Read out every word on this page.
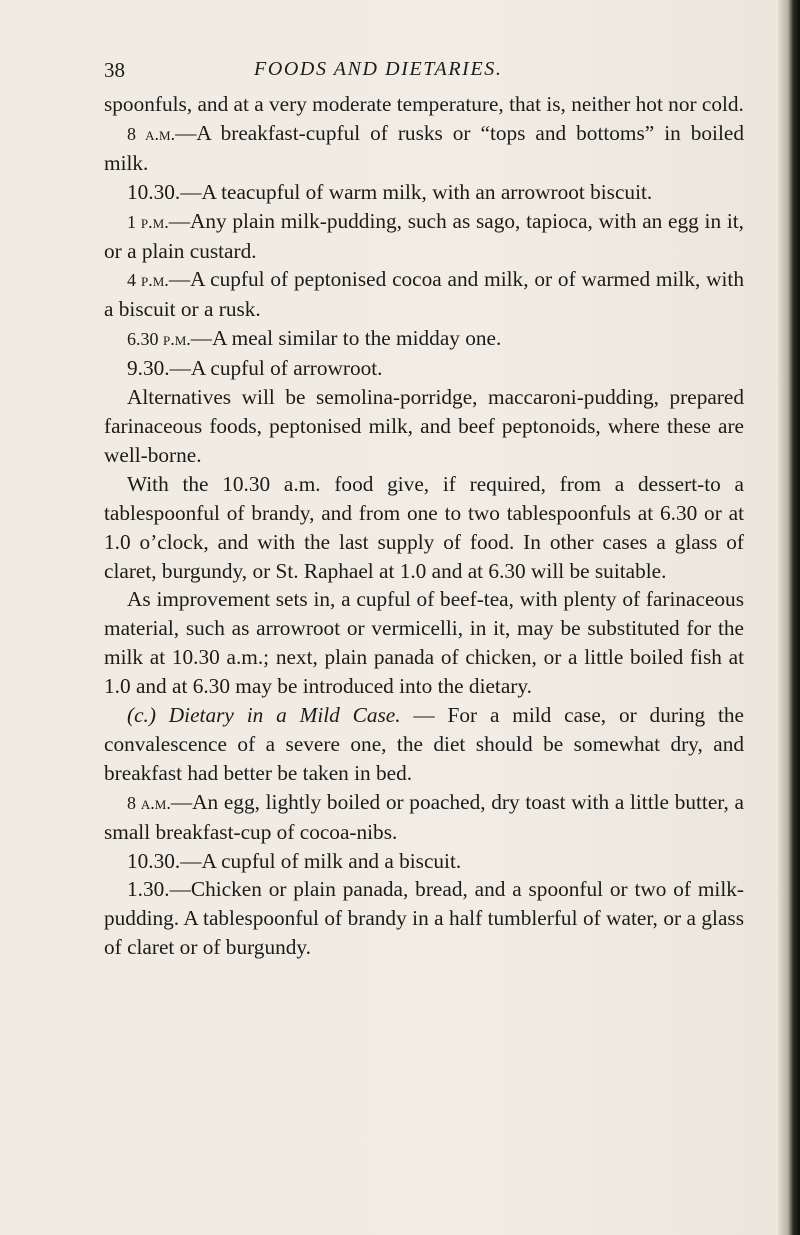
38	FOODS AND DIETARIES.

spoonfuls, and at a very moderate temperature, that is, neither hot nor cold.

8 a.m.—A breakfast-cupful of rusks or “tops and bottoms” in boiled milk.

10.30.—A teacupful of warm milk, with an arrowroot biscuit.

1 p.m.—Any plain milk-pudding, such as sago, tapioca, with an egg in it, or a plain custard.

4 p.m.—A cupful of peptonised cocoa and milk, or of warmed milk, with a biscuit or a rusk.

6.30 p.m.—A meal similar to the midday one.

9.30.—A cupful of arrowroot.

Alternatives will be semolina-porridge, maccaroni-pudding, prepared farinaceous foods, peptonised milk, and beef peptonoids, where these are well-borne.

With the 10.30 a.m. food give, if required, from a dessert-to a tablespoonful of brandy, and from one to two tablespoonfuls at 6.30 or at 1.0 o’clock, and with the last supply of food. In other cases a glass of claret, burgundy, or St. Raphael at 1.0 and at 6.30 will be suitable.

As improvement sets in, a cupful of beef-tea, with plenty of farinaceous material, such as arrowroot or vermicelli, in it, may be substituted for the milk at 10.30 a.m.; next, plain panada of chicken, or a little boiled fish at 1.0 and at 6.30 may be introduced into the dietary.

(c.) Dietary in a Mild Case. — For a mild case, or during the convalescence of a severe one, the diet should be somewhat dry, and breakfast had better be taken in bed.

8 a.m.—An egg, lightly boiled or poached, dry toast with a little butter, a small breakfast-cup of cocoa-nibs.

10.30.—A cupful of milk and a biscuit.

1.30.—Chicken or plain panada, bread, and a spoonful or two of milk-pudding. A tablespoonful of brandy in a half tumblerful of water, or a glass of claret or of burgundy.
